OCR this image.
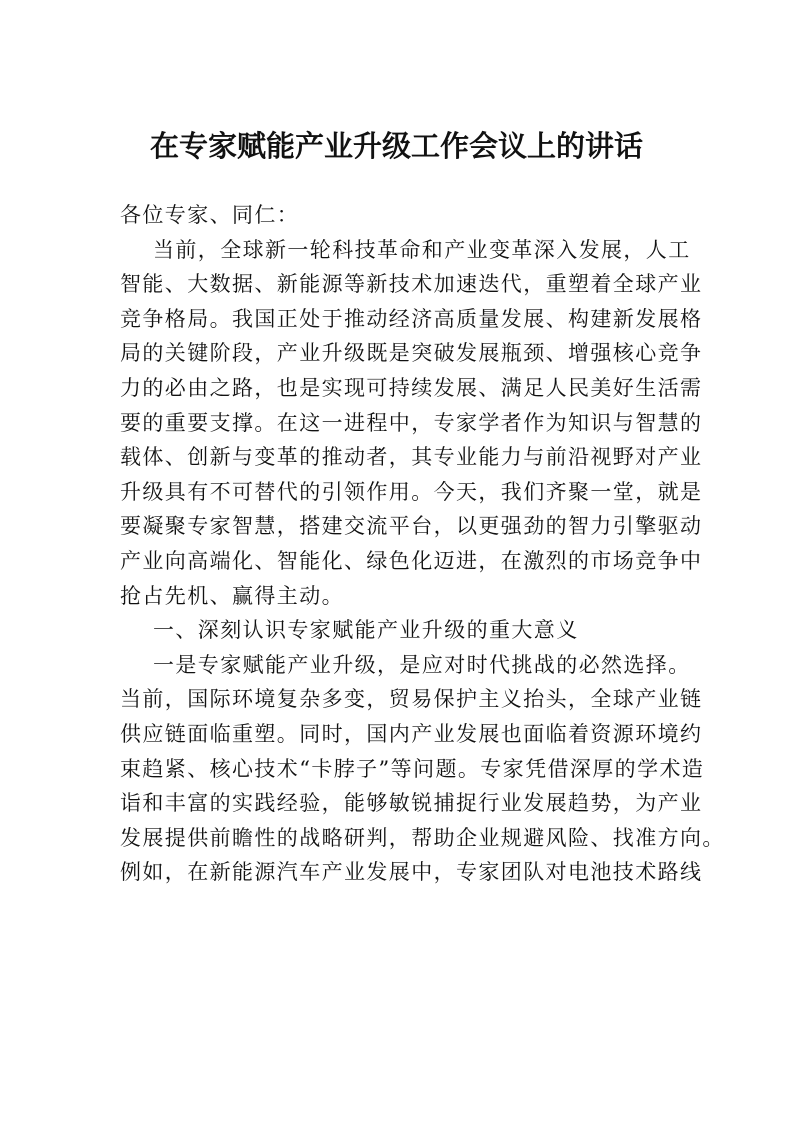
在专家赋能产业升级工作会议上的讲话
各位专家、同仁：
当前，全球新一轮科技革命和产业变革深入发展，人工
智能、大数据、新能源等新技术加速迭代，重塑着全球产业
竞争格局。我国正处于推动经济高质量发展、构建新发展格
局的关键阶段，产业升级既是突破发展瓶颈、增强核心竞争
力的必由之路，也是实现可持续发展、满足人民美好生活需
要的重要支撑。在这一进程中，专家学者作为知识与智慧的
载体、创新与变革的推动者，其专业能力与前沿视野对产业
升级具有不可替代的引领作用。今天，我们齐聚一堂，就是
要凝聚专家智慧，搭建交流平台，以更强劲的智力引擎驱动
产业向高端化、智能化、绿色化迈进，在激烈的市场竞争中
抢占先机、赢得主动。
一、深刻认识专家赋能产业升级的重大意义
一是专家赋能产业升级，是应对时代挑战的必然选择。
当前，国际环境复杂多变，贸易保护主义抬头，全球产业链
供应链面临重塑。同时，国内产业发展也面临着资源环境约
束趋紧、核心技术“卡脖子”等问题。专家凭借深厚的学术造
诣和丰富的实践经验，能够敏锐捕捉行业发展趋势，为产业
发展提供前瞻性的战略研判，帮助企业规避风险、找准方向。
例如，在新能源汽车产业发展中，专家团队对电池技术路线
